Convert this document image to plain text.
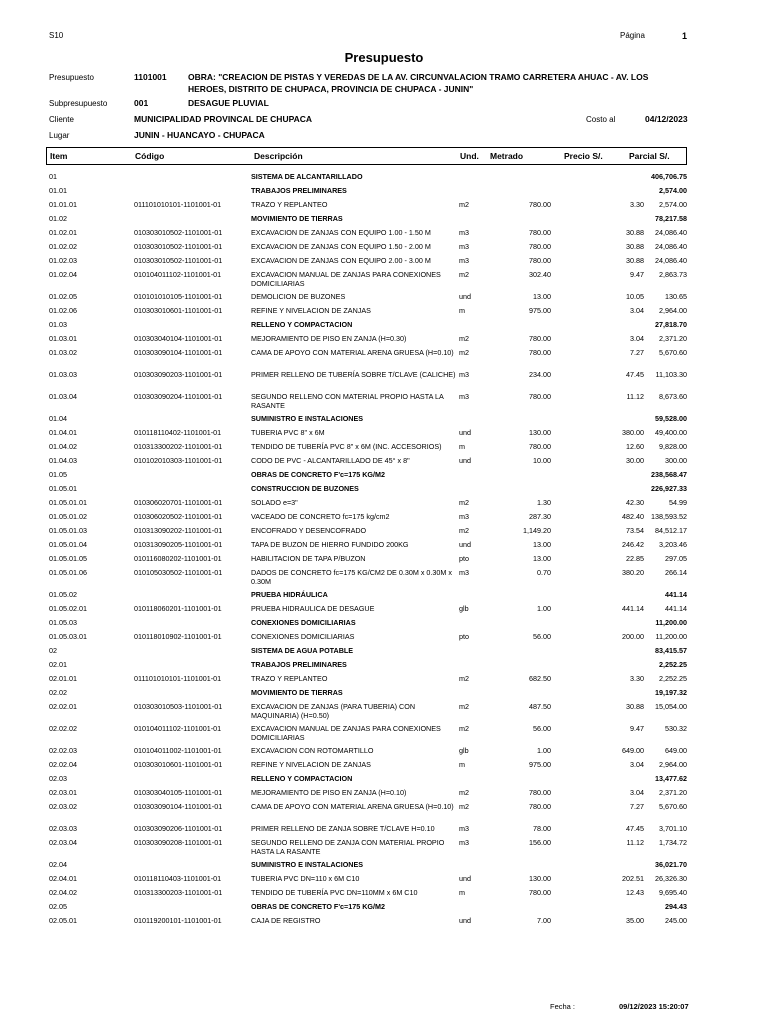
S10	Página	1
Presupuesto
Presupuesto	1101001	OBRA: "CREACION DE PISTAS Y VEREDAS DE LA AV. CIRCUNVALACION TRAMO CARRETERA AHUAC - AV. LOS
HEROES, DISTRITO DE CHUPACA, PROVINCIA DE CHUPACA - JUNIN"
Subpresupuesto	001	DESAGUE PLUVIAL
Cliente	MUNICIPALIDAD PROVINCAL DE CHUPACA	Costo al	04/12/2023
Lugar	JUNIN - HUANCAYO - CHUPACA
Item	Código	Descripción	Und. Metrado	Precio S/.	Parcial S/.
01	SISTEMA DE ALCANTARILLADO	406,706.75
01.01	TRABAJOS PRELIMINARES	2,574.00
01.01.01	011101010101-1101001-01	TRAZO Y REPLANTEO	m2	780.00	3.30 2,574.00
01.02	MOVIMIENTO DE TIERRAS	78,217.58
01.02.01	010303010502-1101001-01	EXCAVACION DE ZANJAS CON EQUIPO 1.00 - 1.50 M	m3	780.00	30.88 24,086.40
01.02.02	010303010502-1101001-01	EXCAVACION DE ZANJAS CON EQUIPO 1.50 - 2.00 M	m3	780.00	30.88 24,086.40
01.02.03	010303010502-1101001-01	EXCAVACION DE ZANJAS CON EQUIPO 2.00 - 3.00 M	m3	780.00	30.88 24,086.40
01.02.04	010104011102-1101001-01	EXCAVACION MANUAL DE ZANJAS PARA CONEXIONES DOMICILIARIAS
m2	302.40	9.47 2,863.73
01.02.05	010101010105-1101001-01	DEMOLICION DE BUZONES	und	13.00	10.05	130.65
01.02.06	010303010601-1101001-01	REFINE Y NIVELACION DE ZANJAS	m	975.00	3.04 2,964.00
01.03	RELLENO Y COMPACTACION	27,818.70
01.03.01	010303040104-1101001-01	MEJORAMIENTO DE PISO EN ZANJA (H=0.30)	m2	780.00	3.04 2,371.20
01.03.02	010303090104-1101001-01	CAMA DE APOYO CON MATERIAL ARENA GRUESA (H=0.10) m2	780.00	7.27 5,670.60
01.03.03	010303090203-1101001-01	PRIMER RELLENO DE TUBERÍA SOBRE T/CLAVE (CALICHE) m3	234.00	47.45 11,103.30
01.03.04	010303090204-1101001-01	SEGUNDO RELLENO CON MATERIAL PROPIO HASTA LA RASANTE
m3	780.00	11.12 8,673.60
01.04	SUMINISTRO E INSTALACIONES	59,528.00
01.04.01	010118110402-1101001-01	TUBERIA PVC 8" x 6M	und	130.00	380.00 49,400.00
01.04.02	010313300202-1101001-01	TENDIDO DE TUBERÍA PVC 8" x 6M (INC. ACCESORIOS)	m	780.00	12.60 9,828.00
01.04.03	010102010303-1101001-01	CODO DE PVC - ALCANTARILLADO DE 45° x 8"	und	10.00	30.00	300.00
01.05	OBRAS DE CONCRETO F'c=175 KG/M2	238,568.47
01.05.01	CONSTRUCCION DE BUZONES	226,927.33
01.05.01.01	010306020701-1101001-01	SOLADO e=3"	m2	1.30	42.30	54.99
01.05.01.02	010306020502-1101001-01	VACEADO DE CONCRETO fc=175 kg/cm2	m3	287.30	482.40 138,593.52
01.05.01.03	010313090202-1101001-01	ENCOFRADO Y DESENCOFRADO	m2	1,149.20	73.54 84,512.17
01.05.01.04	010313090205-1101001-01	TAPA DE BUZON DE HIERRO FUNDIDO 200KG	und	13.00	246.42 3,203.46
01.05.01.05	010116080202-1101001-01	HABILITACION DE TAPA P/BUZON	pto	13.00	22.85	297.05
01.05.01.06	010105030502-1101001-01	DADOS DE CONCRETO fc=175 KG/CM2 DE 0.30M x 0.30M x 0.30M
m3	0.70	380.20	266.14
01.05.02	PRUEBA HIDRÁULICA	441.14
01.05.02.01	010118060201-1101001-01	PRUEBA HIDRAULICA DE DESAGUE	glb	1.00	441.14	441.14
01.05.03	CONEXIONES DOMICILIARIAS	11,200.00
01.05.03.01	010118010902-1101001-01	CONEXIONES DOMICILIARIAS	pto	56.00	200.00 11,200.00
02	SISTEMA DE AGUA POTABLE	83,415.57
02.01	TRABAJOS PRELIMINARES	2,252.25
02.01.01	011101010101-1101001-01	TRAZO Y REPLANTEO	m2	682.50	3.30 2,252.25
02.02	MOVIMIENTO DE TIERRAS	19,197.32
02.02.01	010303010503-1101001-01	EXCAVACION DE ZANJAS (PARA TUBERIA) CON MAQUINARIA) (H=0.50)
m2	487.50	30.88 15,054.00
02.02.02	010104011102-1101001-01	EXCAVACION MANUAL DE ZANJAS PARA CONEXIONES DOMICILIARIAS
m2	56.00	9.47	530.32
02.02.03	010104011002-1101001-01	EXCAVACION CON ROTOMARTILLO	glb	1.00	649.00	649.00
02.02.04	010303010601-1101001-01	REFINE Y NIVELACION DE ZANJAS	m	975.00	3.04 2,964.00
02.03	RELLENO Y COMPACTACION	13,477.62
02.03.01	010303040105-1101001-01	MEJORAMIENTO DE PISO EN ZANJA (H=0.10)	m2	780.00	3.04 2,371.20
02.03.02	010303090104-1101001-01	CAMA DE APOYO CON MATERIAL ARENA GRUESA (H=0.10) m2	780.00	7.27 5,670.60
02.03.03	010303090206-1101001-01	PRIMER RELLENO DE ZANJA SOBRE T/CLAVE H=0.10	m3	78.00	47.45 3,701.10
02.03.04	010303090208-1101001-01	SEGUNDO RELLENO DE ZANJA CON MATERIAL PROPIO HASTA LA RASANTE
m3	156.00	11.12 1,734.72
02.04	SUMINISTRO E INSTALACIONES	36,021.70
02.04.01	010118110403-1101001-01	TUBERIA PVC DN=110 x 6M C10	und	130.00	202.51 26,326.30
02.04.02	010313300203-1101001-01	TENDIDO DE TUBERÍA PVC DN=110MM x 6M C10	m	780.00	12.43 9,695.40
02.05	OBRAS DE CONCRETO F'c=175 KG/M2	294.43
02.05.01	010119200101-1101001-01	CAJA DE REGISTRO	und	7.00	35.00	245.00
Fecha :	09/12/2023 15:20:07
